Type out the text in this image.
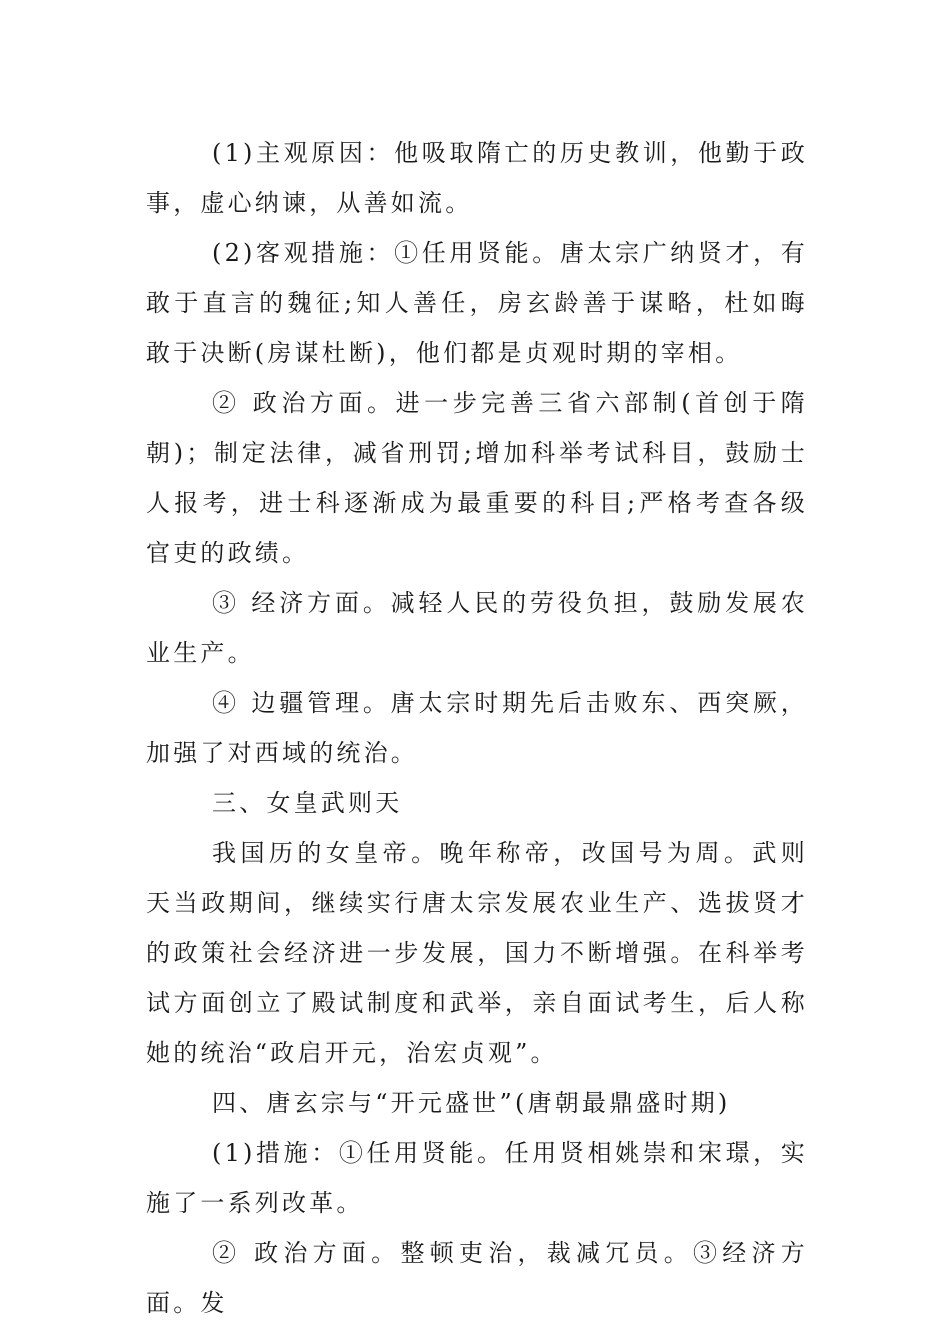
(1)主观原因：他吸取隋亡的历史教训，他勤于政事，虚心纳谏，从善如流。

(2)客观措施：①任用贤能。唐太宗广纳贤才，有敢于直言的魏征;知人善任，房玄龄善于谋略，杜如晦敢于决断(房谋杜断)，他们都是贞观时期的宰相。

② 政治方面。进一步完善三省六部制(首创于隋朝)；制定法律，减省刑罚;增加科举考试科目，鼓励士人报考，进士科逐渐成为最重要的科目;严格考查各级官吏的政绩。

③ 经济方面。减轻人民的劳役负担，鼓励发展农业生产。

④ 边疆管理。唐太宗时期先后击败东、西突厥，加强了对西域的统治。

三、女皇武则天

我国历的女皇帝。晚年称帝，改国号为周。武则天当政期间，继续实行唐太宗发展农业生产、选拔贤才的政策社会经济进一步发展，国力不断增强。在科举考试方面创立了殿试制度和武举，亲自面试考生，后人称她的统治“政启开元，治宏贞观”。

四、唐玄宗与“开元盛世”(唐朝最鼎盛时期)

(1)措施：①任用贤能。任用贤相姚崇和宋璟，实施了一系列改革。

② 政治方面。整顿吏治，裁减冗员。③经济方面。发
